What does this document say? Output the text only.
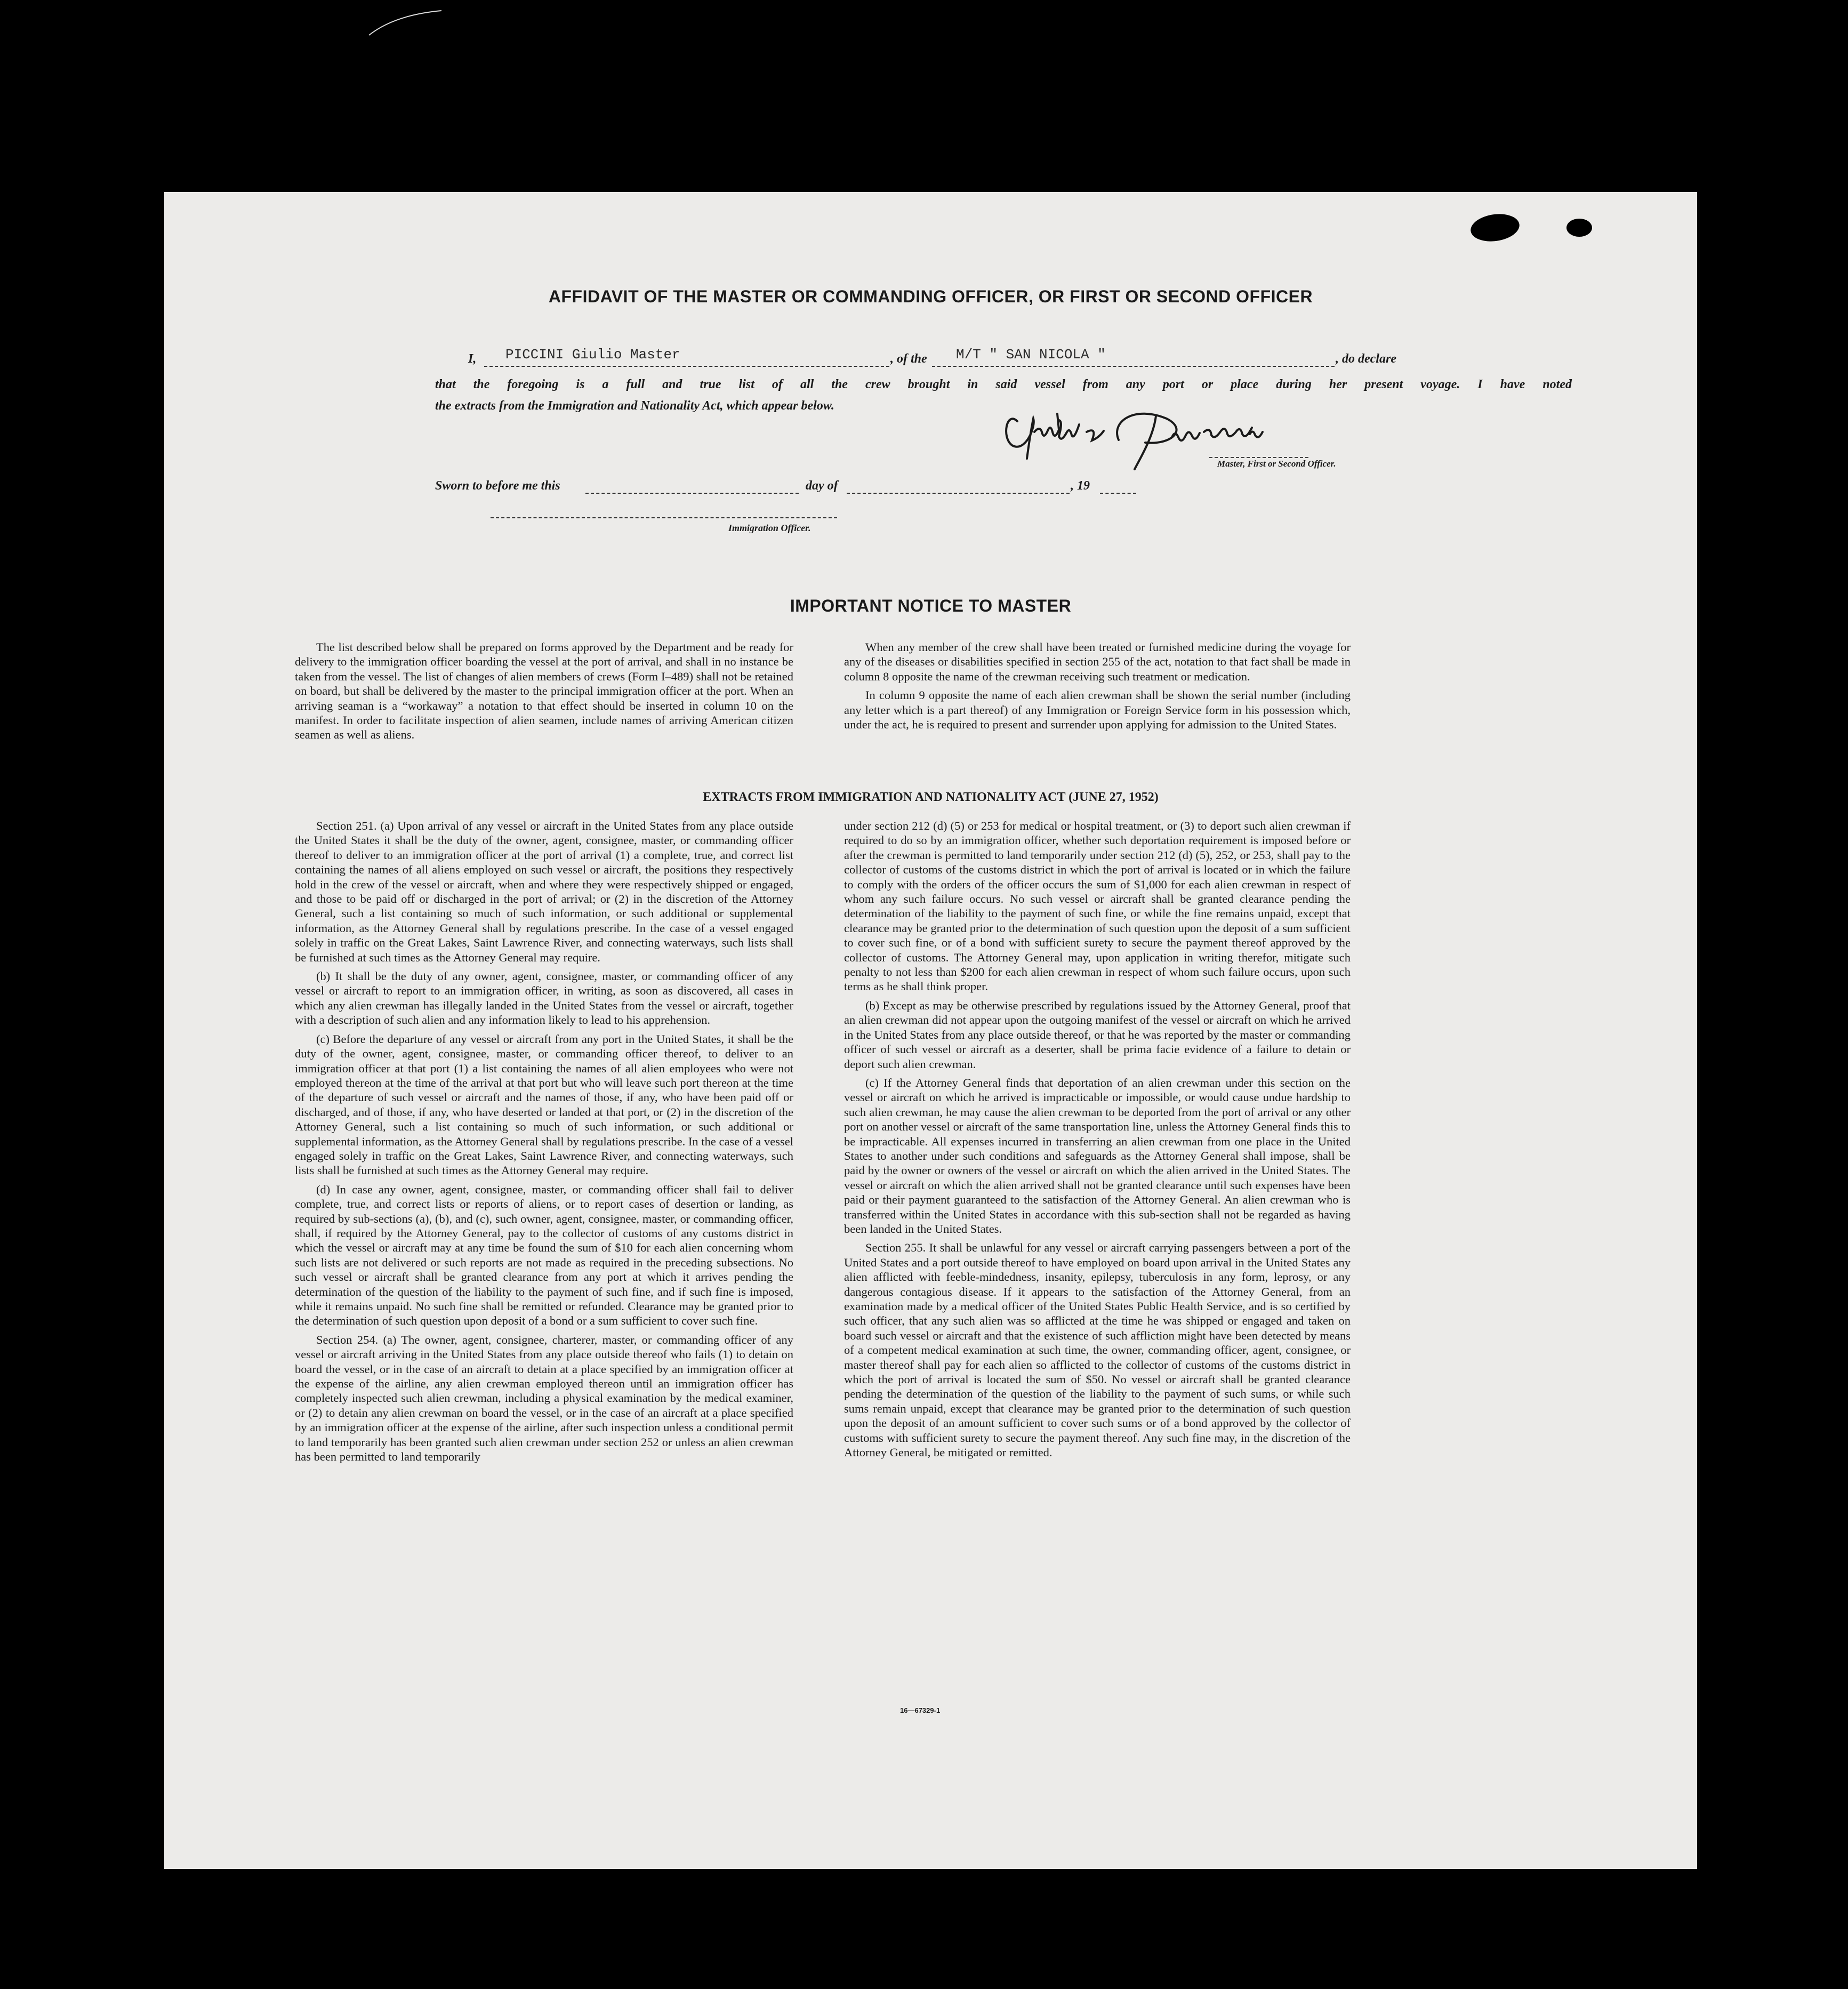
AFFIDAVIT OF THE MASTER OR COMMANDING OFFICER, OR FIRST OR SECOND OFFICER
I, PICCINI Giulio Master	, of the M/T " SAN NICOLA "	, do declare
that the foregoing is a full and true list of all the crew brought in said vessel from any port or place during her present voyage. I have noted
the extracts from the Immigration and Nationality Act, which appear below.
Master, First or Second Officer.
Sworn to before me this	day of	, 19
Immigration Officer.
IMPORTANT NOTICE TO MASTER

The list described below shall be prepared on forms approved by the Department and be ready for delivery to the immigration officer boarding the vessel at the port of arrival, and shall in no instance be taken from the vessel. The list of changes of alien members of crews (Form I–489) shall not be retained on board, but shall be delivered by the master to the principal immigration officer at the port. When an arriving seaman is a “workaway” a notation to that effect should be inserted in column 10 on the manifest. In order to facilitate inspection of alien seamen, include names of arriving American citizen seamen as well as aliens.

When any member of the crew shall have been treated or furnished medicine during the voyage for any of the diseases or disabilities specified in section 255 of the act, notation to that fact shall be made in column 8 opposite the name of the crewman receiving such treatment or medication.

In column 9 opposite the name of each alien crewman shall be shown the serial number (including any letter which is a part thereof) of any Immigration or Foreign Service form in his possession which, under the act, he is required to present and surrender upon applying for admission to the United States.

EXTRACTS FROM IMMIGRATION AND NATIONALITY ACT (JUNE 27, 1952)

Section 251. (a) Upon arrival of any vessel or aircraft in the United States from any place outside the United States it shall be the duty of the owner, agent, consignee, master, or commanding officer thereof to deliver to an immigration officer at the port of arrival (1) a complete, true, and correct list containing the names of all aliens employed on such vessel or aircraft, the positions they respectively hold in the crew of the vessel or aircraft, when and where they were respectively shipped or engaged, and those to be paid off or discharged in the port of arrival; or (2) in the discretion of the Attorney General, such a list containing so much of such information, or such additional or supplemental information, as the Attorney General shall by regulations prescribe. In the case of a vessel engaged solely in traffic on the Great Lakes, Saint Lawrence River, and connecting waterways, such lists shall be furnished at such times as the Attorney General may require.

(b) It shall be the duty of any owner, agent, consignee, master, or commanding officer of any vessel or aircraft to report to an immigration officer, in writing, as soon as discovered, all cases in which any alien crewman has illegally landed in the United States from the vessel or aircraft, together with a description of such alien and any information likely to lead to his apprehension.

(c) Before the departure of any vessel or aircraft from any port in the United States, it shall be the duty of the owner, agent, consignee, master, or commanding officer thereof, to deliver to an immigration officer at that port (1) a list containing the names of all alien employees who were not employed thereon at the time of the arrival at that port but who will leave such port thereon at the time of the departure of such vessel or aircraft and the names of those, if any, who have been paid off or discharged, and of those, if any, who have deserted or landed at that port, or (2) in the discretion of the Attorney General, such a list containing so much of such information, or such additional or supplemental information, as the Attorney General shall by regulations prescribe. In the case of a vessel engaged solely in traffic on the Great Lakes, Saint Lawrence River, and connecting waterways, such lists shall be furnished at such times as the Attorney General may require.

(d) In case any owner, agent, consignee, master, or commanding officer shall fail to deliver complete, true, and correct lists or reports of aliens, or to report cases of desertion or landing, as required by sub-sections (a), (b), and (c), such owner, agent, consignee, master, or commanding officer, shall, if required by the Attorney General, pay to the collector of customs of any customs district in which the vessel or aircraft may at any time be found the sum of $10 for each alien concerning whom such lists are not delivered or such reports are not made as required in the preceding subsections. No such vessel or aircraft shall be granted clearance from any port at which it arrives pending the determination of the question of the liability to the payment of such fine, and if such fine is imposed, while it remains unpaid. No such fine shall be remitted or refunded. Clearance may be granted prior to the determination of such question upon deposit of a bond or a sum sufficient to cover such fine.

Section 254. (a) The owner, agent, consignee, charterer, master, or commanding officer of any vessel or aircraft arriving in the United States from any place outside thereof who fails (1) to detain on board the vessel, or in the case of an aircraft to detain at a place specified by an immigration officer at the expense of the airline, any alien crewman employed thereon until an immigration officer has completely inspected such alien crewman, including a physical examination by the medical examiner, or (2) to detain any alien crewman on board the vessel, or in the case of an aircraft at a place specified by an immigration officer at the expense of the airline, after such inspection unless a conditional permit to land temporarily has been granted such alien crewman under section 252 or unless an alien crewman has been permitted to land temporarily

under section 212 (d) (5) or 253 for medical or hospital treatment, or (3) to deport such alien crewman if required to do so by an immigration officer, whether such deportation requirement is imposed before or after the crewman is permitted to land temporarily under section 212 (d) (5), 252, or 253, shall pay to the collector of customs of the customs district in which the port of arrival is located or in which the failure to comply with the orders of the officer occurs the sum of $1,000 for each alien crewman in respect of whom any such failure occurs. No such vessel or aircraft shall be granted clearance pending the determination of the liability to the payment of such fine, or while the fine remains unpaid, except that clearance may be granted prior to the determination of such question upon the deposit of a sum sufficient to cover such fine, or of a bond with sufficient surety to secure the payment thereof approved by the collector of customs. The Attorney General may, upon application in writing therefor, mitigate such penalty to not less than $200 for each alien crewman in respect of whom such failure occurs, upon such terms as he shall think proper.

(b) Except as may be otherwise prescribed by regulations issued by the Attorney General, proof that an alien crewman did not appear upon the outgoing manifest of the vessel or aircraft on which he arrived in the United States from any place outside thereof, or that he was reported by the master or commanding officer of such vessel or aircraft as a deserter, shall be prima facie evidence of a failure to detain or deport such alien crewman.

(c) If the Attorney General finds that deportation of an alien crewman under this section on the vessel or aircraft on which he arrived is impracticable or impossible, or would cause undue hardship to such alien crewman, he may cause the alien crewman to be deported from the port of arrival or any other port on another vessel or aircraft of the same transportation line, unless the Attorney General finds this to be impracticable. All expenses incurred in transferring an alien crewman from one place in the United States to another under such conditions and safeguards as the Attorney General shall impose, shall be paid by the owner or owners of the vessel or aircraft on which the alien arrived in the United States. The vessel or aircraft on which the alien arrived shall not be granted clearance until such expenses have been paid or their payment guaranteed to the satisfaction of the Attorney General. An alien crewman who is transferred within the United States in accordance with this sub-section shall not be regarded as having been landed in the United States.

Section 255. It shall be unlawful for any vessel or aircraft carrying passengers between a port of the United States and a port outside thereof to have employed on board upon arrival in the United States any alien afflicted with feeble-mindedness, insanity, epilepsy, tuberculosis in any form, leprosy, or any dangerous contagious disease. If it appears to the satisfaction of the Attorney General, from an examination made by a medical officer of the United States Public Health Service, and is so certified by such officer, that any such alien was so afflicted at the time he was shipped or engaged and taken on board such vessel or aircraft and that the existence of such affliction might have been detected by means of a competent medical examination at such time, the owner, commanding officer, agent, consignee, or master thereof shall pay for each alien so afflicted to the collector of customs of the customs district in which the port of arrival is located the sum of $50. No vessel or aircraft shall be granted clearance pending the determination of the question of the liability to the payment of such sums, or while such sums remain unpaid, except that clearance may be granted prior to the determination of such question upon the deposit of an amount sufficient to cover such sums or of a bond approved by the collector of customs with sufficient surety to secure the payment thereof. Any such fine may, in the discretion of the Attorney General, be mitigated or remitted.

16—67329-1
